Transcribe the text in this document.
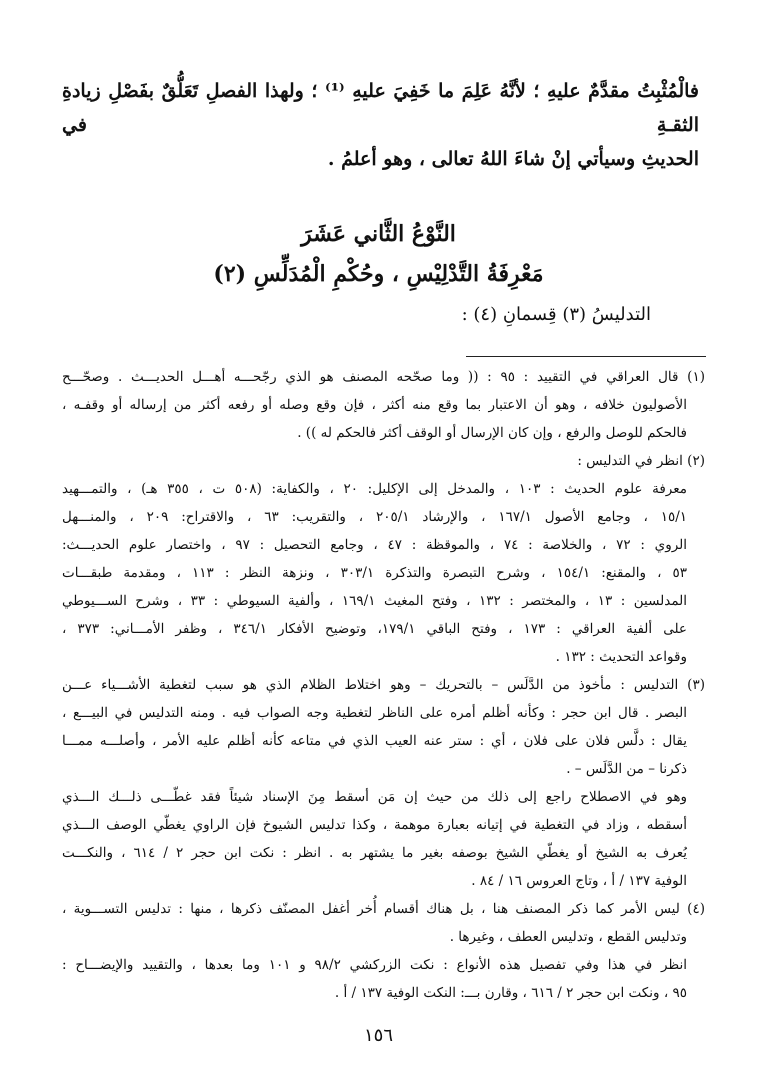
فالْمُثْبِتُ مقدَّمٌ عليهِ ؛ لأنَّهُ عَلِمَ ما خَفِيَ عليهِ ⁽¹⁾ ؛ ولهذا الفصلِ تَعَلُّقٌ بفَصْلِ زيادةِ الثقـةِ في
الحديثِ وسيأتي إنْ شاءَ اللهُ تعالى ، وهو أعلمُ .
النَّوْعُ الثَّاني عَشَرَ
مَعْرِفَةُ التَّدْلِيْسِ ، وحُكْمِ الْمُدَلِّسِ (٢)
التدليسُ (٣) قِسمانِ (٤) :
(١) قال العراقي في التقييد : ٩٥ : (( وما صحّحه المصنف هو الذي رجّحـــه أهـــل الحديـــث . وصحّـــح
الأصوليون خلافه ، وهو أن الاعتبار بما وقع منه أكثر ، فإن وقع وصله أو رفعه أكثر من إرساله أو وقفـه ،
فالحكم للوصل والرفع ، وإن كان الإرسال أو الوقف أكثر فالحكم له )) .
(٢) انظر في التدليس :
معرفة علوم الحديث : ١٠٣ ، والمدخل إلى الإكليل: ٢٠ ، والكفاية: (٥٠٨ ت ، ٣٥٥ هـ) ، والتمـــهيد
١٥/١ ، وجامع الأصول ١٦٧/١ ، والإرشاد ٢٠٥/١ ، والتقريب: ٦٣ ، والاقتراح: ٢٠٩ ، والمنـــهل
الروي : ٧٢ ، والخلاصة : ٧٤ ، والموقظة : ٤٧ ، وجامع التحصيل : ٩٧ ، واختصار علوم الحديـــث:
٥٣ ، والمقنع: ١٥٤/١ ، وشرح التبصرة والتذكرة ٣٠٣/١ ، ونزهة النظر : ١١٣ ، ومقدمة طبقـــات
المدلسين : ١٣ ، والمختصر : ١٣٢ ، وفتح المغيث ١٦٩/١ ، وألفية السيوطي : ٣٣ ، وشرح الســـيوطي
على ألفية العراقي : ١٧٣ ، وفتح الباقي ١٧٩/١، وتوضيح الأفكار ٣٤٦/١ ، وظفر الأمـــاني: ٣٧٣ ،
وقواعد التحديث : ١٣٢ .
(٣) التدليس : مأخوذ من الدَّلَس – بالتحريك – وهو اختلاط الظلام الذي هو سبب لتغطية الأشـــياء عـــن
البصر . قال ابن حجر : وكأنه أظلم أمره على الناظر لتغطية وجه الصواب فيه . ومنه التدليس في البيـــع ،
يقال : دلَّس فلان على فلان ، أي : ستر عنه العيب الذي في متاعه كأنه أظلم عليه الأمر ، وأصلـــه ممـــا
ذكرنا – من الدَّلَس – .
وهو في الاصطلاح راجع إلى ذلك من حيث إن مَن أسقط مِنَ الإسناد شيئاً فقد غطّـــى ذلـــك الـــذي
أسقطه ، وزاد في التغطية في إتيانه بعبارة موهمة ، وكذا تدليس الشيوخ فإن الراوي يغطّي الوصف الـــذي
يُعرف به الشيخ أو يغطّي الشيخ بوصفه بغير ما يشتهر به . انظر : نكت ابن حجر ٢ / ٦١٤ ، والنكـــت
الوفية ١٣٧ / أ ، وتاج العروس ١٦ / ٨٤ .
(٤) ليس الأمر كما ذكر المصنف هنا ، بل هناك أقسام أُخر أغفل المصنّف ذكرها ، منها : تدليس التســـوية ،
وتدليس القطع ، وتدليس العطف ، وغيرها .
انظر في هذا وفي تفصيل هذه الأنواع : نكت الزركشي ٩٨/٢ و ١٠١ وما بعدها ، والتقييد والإيضـــاح :
٩٥ ، ونكت ابن حجر ٢ / ٦١٦ ، وقارن بـــ: النكت الوفية ١٣٧ / أ .
١٥٦
